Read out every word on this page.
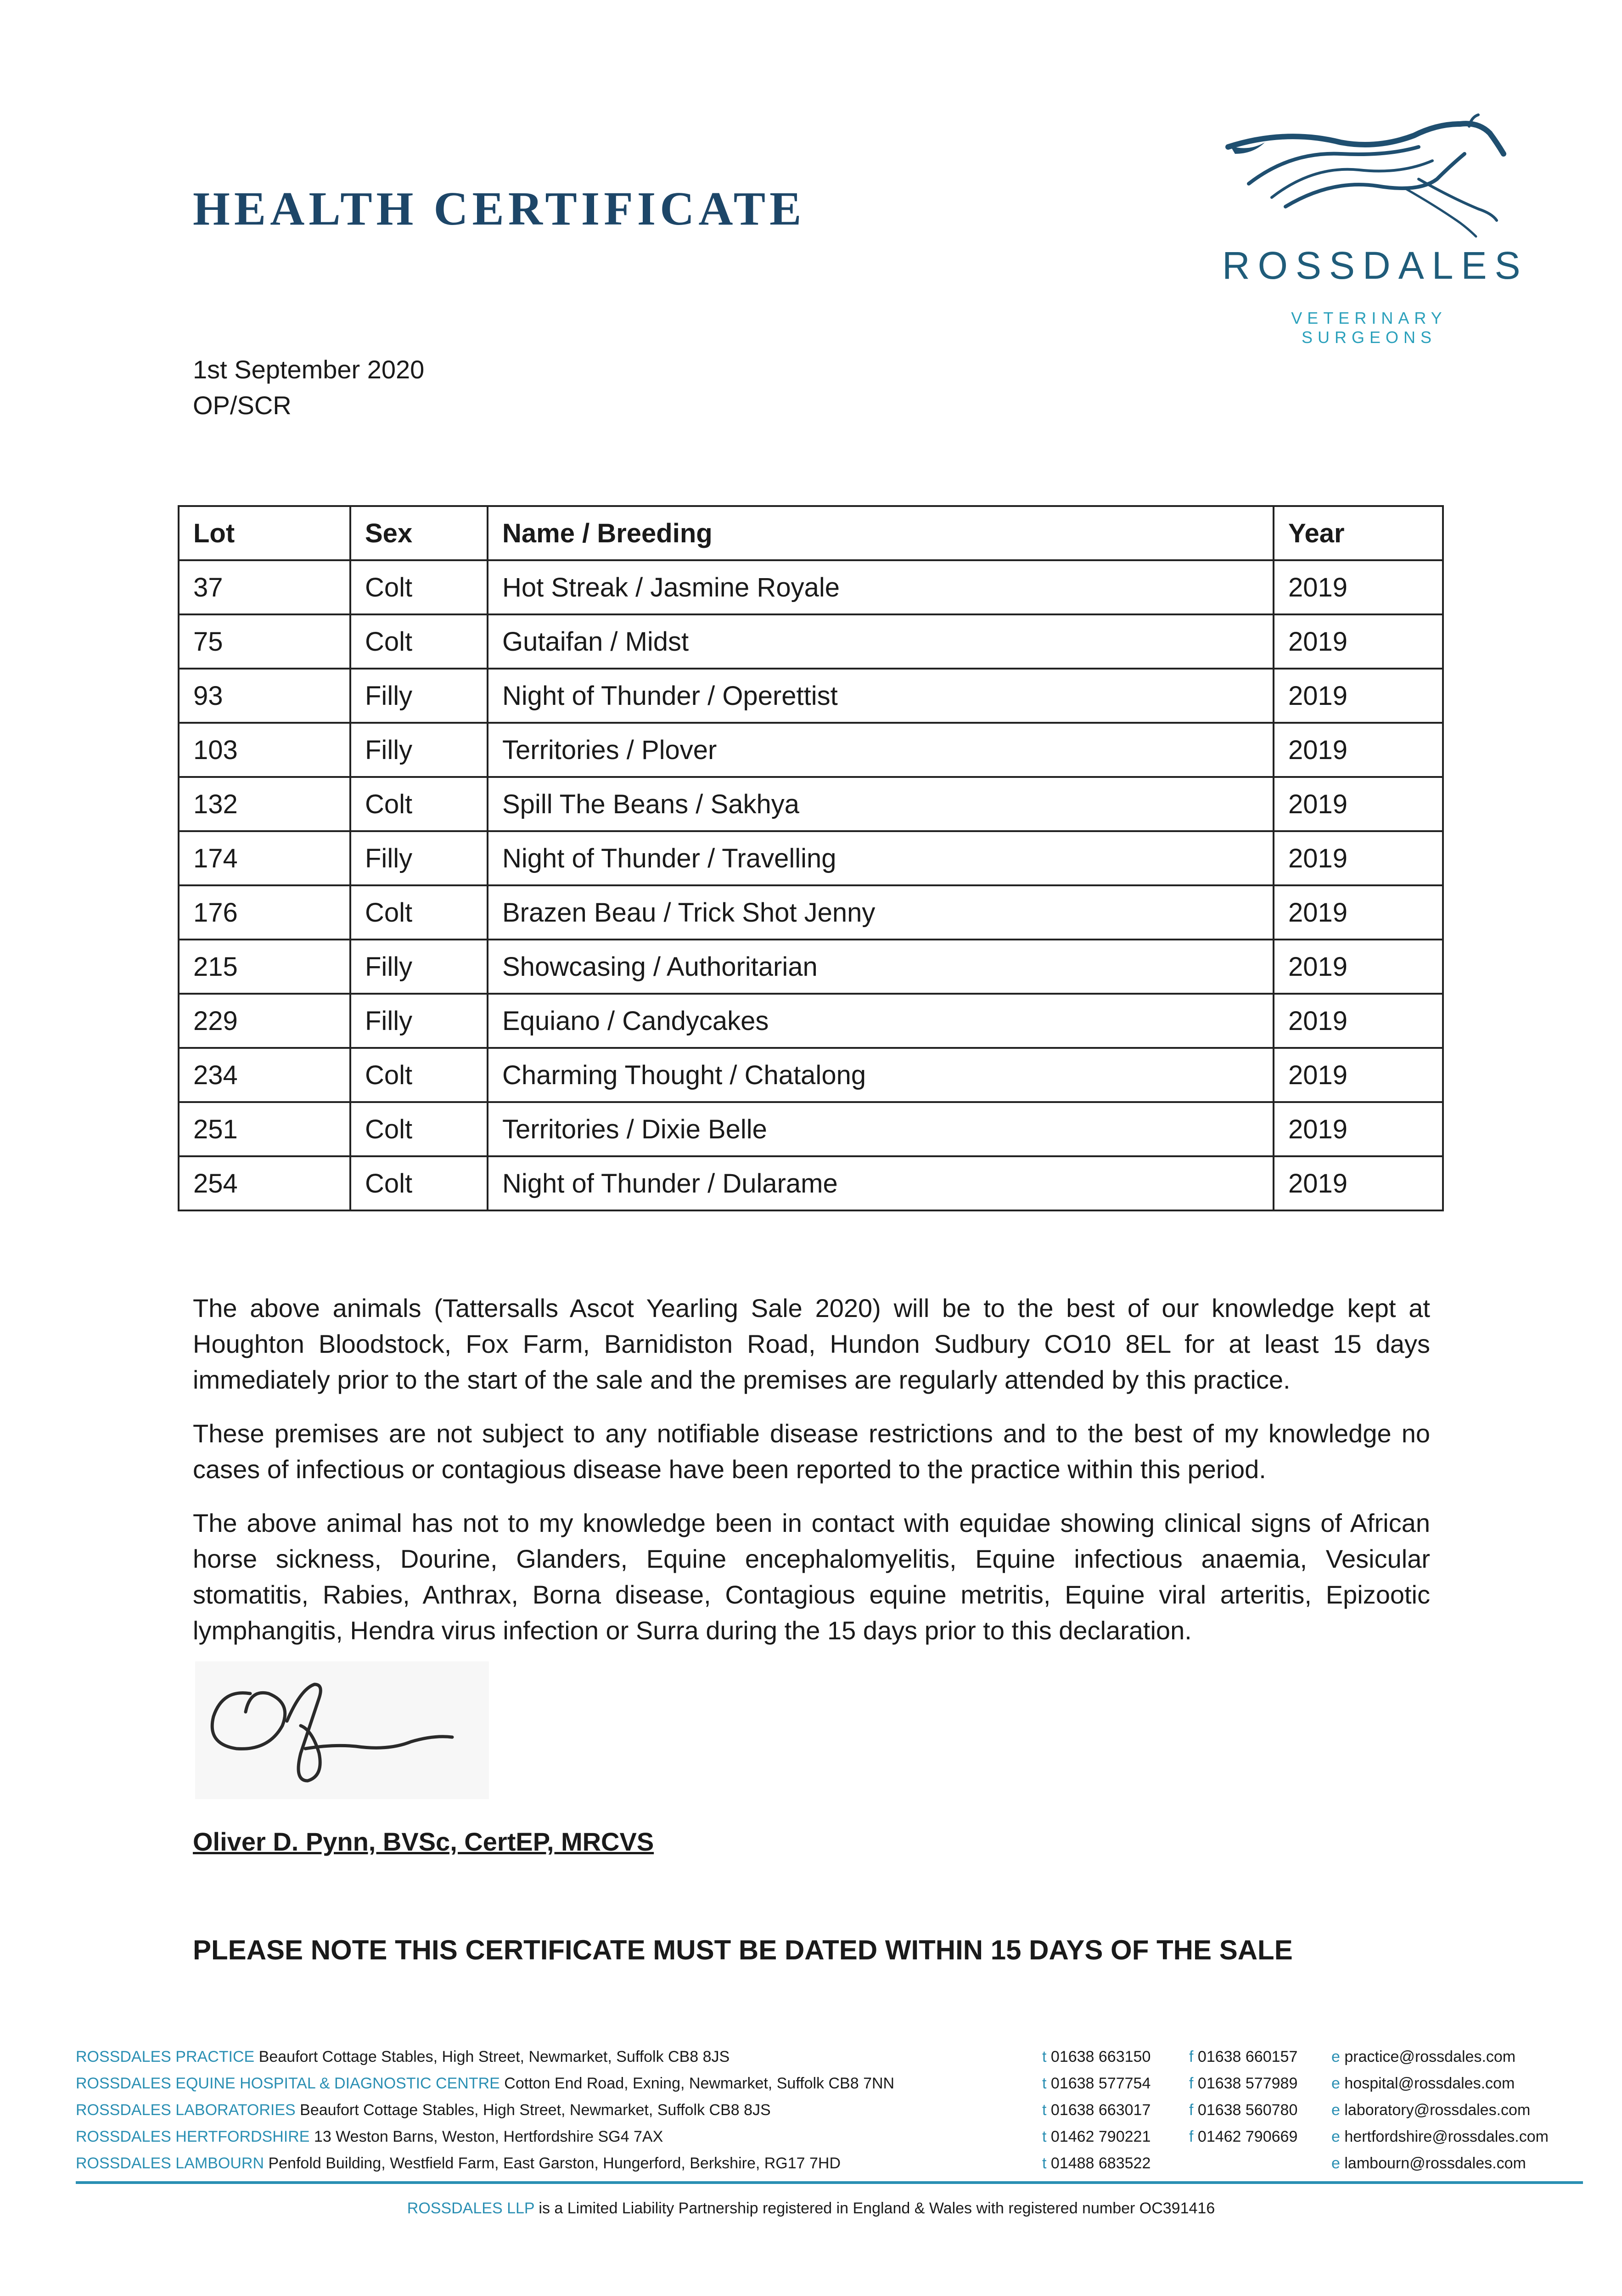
HEALTH CERTIFICATE
ROSSDALES
VETERINARY SURGEONS
1st September 2020
OP/SCR
Lot	Sex	Name / Breeding	Year
37	Colt	Hot Streak / Jasmine Royale	2019
75	Colt	Gutaifan / Midst	2019
93	Filly	Night of Thunder / Operettist	2019
103	Filly	Territories / Plover	2019
132	Colt	Spill The Beans / Sakhya	2019
174	Filly	Night of Thunder / Travelling	2019
176	Colt	Brazen Beau / Trick Shot Jenny	2019
215	Filly	Showcasing / Authoritarian	2019
229	Filly	Equiano / Candycakes	2019
234	Colt	Charming Thought / Chatalong	2019
251	Colt	Territories / Dixie Belle	2019
254	Colt	Night of Thunder / Dularame	2019

The above animals (Tattersalls Ascot Yearling Sale 2020) will be to the best of our knowledge kept at Houghton Bloodstock, Fox Farm, Barnidiston Road, Hundon Sudbury CO10 8EL for at least 15 days immediately prior to the start of the sale and the premises are regularly attended by this practice.

These premises are not subject to any notifiable disease restrictions and to the best of my knowledge no cases of infectious or contagious disease have been reported to the practice within this period.

The above animal has not to my knowledge been in contact with equidae showing clinical signs of African horse sickness, Dourine, Glanders, Equine encephalomyelitis, Equine infectious anaemia, Vesicular stomatitis, Rabies, Anthrax, Borna disease, Contagious equine metritis, Equine viral arteritis, Epizootic lymphangitis, Hendra virus infection or Surra during the 15 days prior to this declaration.

Oliver D. Pynn, BVSc, CertEP, MRCVS
PLEASE NOTE THIS CERTIFICATE MUST BE DATED WITHIN 15 DAYS OF THE SALE
ROSSDALES PRACTICE Beaufort Cottage Stables, High Street, Newmarket, Suffolk CB8 8JS	t 01638 663150 f 01638 660157 e practice@rossdales.com
ROSSDALES EQUINE HOSPITAL & DIAGNOSTIC CENTRE Cotton End Road, Exning, Newmarket, Suffolk CB8 7NN	t 01638 577754 f 01638 577989 e hospital@rossdales.com
ROSSDALES LABORATORIES Beaufort Cottage Stables, High Street, Newmarket, Suffolk CB8 8JS	t 01638 663017 f 01638 560780 e laboratory@rossdales.com
ROSSDALES HERTFORDSHIRE 13 Weston Barns, Weston, Hertfordshire SG4 7AX	t 01462 790221 f 01462 790669 e hertfordshire@rossdales.com
ROSSDALES LAMBOURN Penfold Building, Westfield Farm, East Garston, Hungerford, Berkshire, RG17 7HD	t 01488 683522	e lambourn@rossdales.com
ROSSDALES LLP is a Limited Liability Partnership registered in England & Wales with registered number OC391416
